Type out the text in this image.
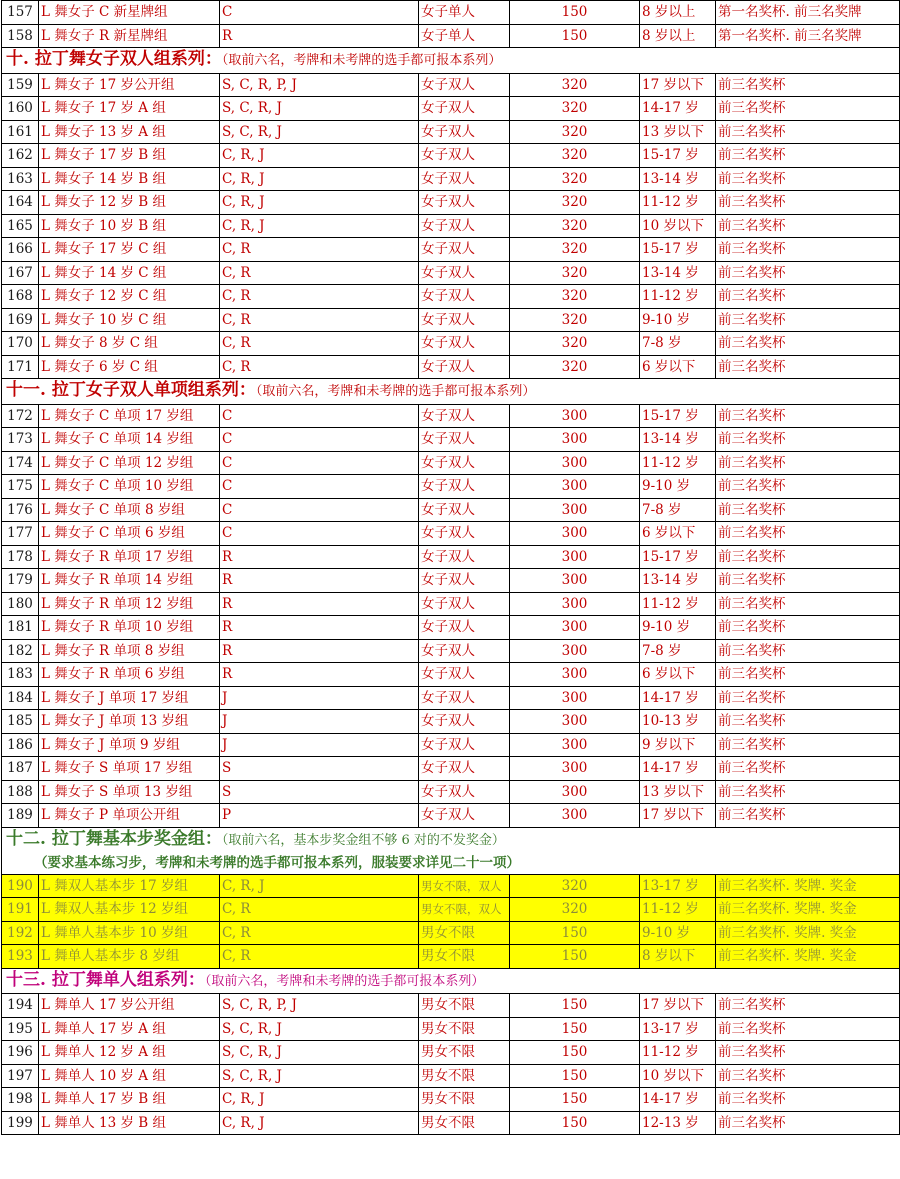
157	L 舞女子 C 新星牌组	C	女子单人	150	8 岁以上	第一名奖杯. 前三名奖牌
158	L 舞女子 R 新星牌组	R	女子单人	150	8 岁以上	第一名奖杯. 前三名奖牌
十. 拉丁舞女子双人组系列：（取前六名，考牌和未考牌的选手都可报本系列）						
159	L 舞女子 17 岁公开组	S, C, R, P, J	女子双人	320	17 岁以下	前三名奖杯
160	L 舞女子 17 岁 A 组	S, C, R, J	女子双人	320	14-17 岁	前三名奖杯
161	L 舞女子 13 岁 A 组	S, C, R, J	女子双人	320	13 岁以下	前三名奖杯
162	L 舞女子 17 岁 B 组	C, R, J	女子双人	320	15-17 岁	前三名奖杯
163	L 舞女子 14 岁 B 组	C, R, J	女子双人	320	13-14 岁	前三名奖杯
164	L 舞女子 12 岁 B 组	C, R, J	女子双人	320	11-12 岁	前三名奖杯
165	L 舞女子 10 岁 B 组	C, R, J	女子双人	320	10 岁以下	前三名奖杯
166	L 舞女子 17 岁 C 组	C, R	女子双人	320	15-17 岁	前三名奖杯
167	L 舞女子 14 岁 C 组	C, R	女子双人	320	13-14 岁	前三名奖杯
168	L 舞女子 12 岁 C 组	C, R	女子双人	320	11-12 岁	前三名奖杯
169	L 舞女子 10 岁 C 组	C, R	女子双人	320	9-10 岁	前三名奖杯
170	L 舞女子 8 岁 C 组	C, R	女子双人	320	7-8 岁	前三名奖杯
171	L 舞女子 6 岁 C 组	C, R	女子双人	320	6 岁以下	前三名奖杯
十一. 拉丁女子双人单项组系列：（取前六名，考牌和未考牌的选手都可报本系列）						
172	L 舞女子 C 单项 17 岁组	C	女子双人	300	15-17 岁	前三名奖杯
173	L 舞女子 C 单项 14 岁组	C	女子双人	300	13-14 岁	前三名奖杯
174	L 舞女子 C 单项 12 岁组	C	女子双人	300	11-12 岁	前三名奖杯
175	L 舞女子 C 单项 10 岁组	C	女子双人	300	9-10 岁	前三名奖杯
176	L 舞女子 C 单项 8 岁组	C	女子双人	300	7-8 岁	前三名奖杯
177	L 舞女子 C 单项 6 岁组	C	女子双人	300	6 岁以下	前三名奖杯
178	L 舞女子 R 单项 17 岁组	R	女子双人	300	15-17 岁	前三名奖杯
179	L 舞女子 R 单项 14 岁组	R	女子双人	300	13-14 岁	前三名奖杯
180	L 舞女子 R 单项 12 岁组	R	女子双人	300	11-12 岁	前三名奖杯
181	L 舞女子 R 单项 10 岁组	R	女子双人	300	9-10 岁	前三名奖杯
182	L 舞女子 R 单项 8 岁组	R	女子双人	300	7-8 岁	前三名奖杯
183	L 舞女子 R 单项 6 岁组	R	女子双人	300	6 岁以下	前三名奖杯
184	L 舞女子 J 单项 17 岁组	J	女子双人	300	14-17 岁	前三名奖杯
185	L 舞女子 J 单项 13 岁组	J	女子双人	300	10-13 岁	前三名奖杯
186	L 舞女子 J 单项 9 岁组	J	女子双人	300	9 岁以下	前三名奖杯
187	L 舞女子 S 单项 17 岁组	S	女子双人	300	14-17 岁	前三名奖杯
188	L 舞女子 S 单项 13 岁组	S	女子双人	300	13 岁以下	前三名奖杯
189	L 舞女子 P 单项公开组	P	女子双人	300	17 岁以下	前三名奖杯

十二. 拉丁舞基本步奖金组：（取前六名，基本步奖金组不够 6 对的不发奖金）
（要求基本练习步，考牌和未考牌的选手都可报本系列，服装要求详见二十一项）						

190	L 舞双人基本步 17 岁组	C, R, J	男女不限，双人	320	13-17 岁	前三名奖杯. 奖牌. 奖金
191	L 舞双人基本步 12 岁组	C, R	男女不限，双人	320	11-12 岁	前三名奖杯. 奖牌. 奖金
192	L 舞单人基本步 10 岁组	C, R	男女不限	150	9-10 岁	前三名奖杯. 奖牌. 奖金
193	L 舞单人基本步 8 岁组	C, R	男女不限	150	8 岁以下	前三名奖杯. 奖牌. 奖金
十三. 拉丁舞单人组系列：（取前六名，考牌和未考牌的选手都可报本系列）						
194	L 舞单人 17 岁公开组	S, C, R, P, J	男女不限	150	17 岁以下	前三名奖杯
195	L 舞单人 17 岁 A 组	S, C, R, J	男女不限	150	13-17 岁	前三名奖杯
196	L 舞单人 12 岁 A 组	S, C, R, J	男女不限	150	11-12 岁	前三名奖杯
197	L 舞单人 10 岁 A 组	S, C, R, J	男女不限	150	10 岁以下	前三名奖杯
198	L 舞单人 17 岁 B 组	C, R, J	男女不限	150	14-17 岁	前三名奖杯
199	L 舞单人 13 岁 B 组	C, R, J	男女不限	150	12-13 岁	前三名奖杯
